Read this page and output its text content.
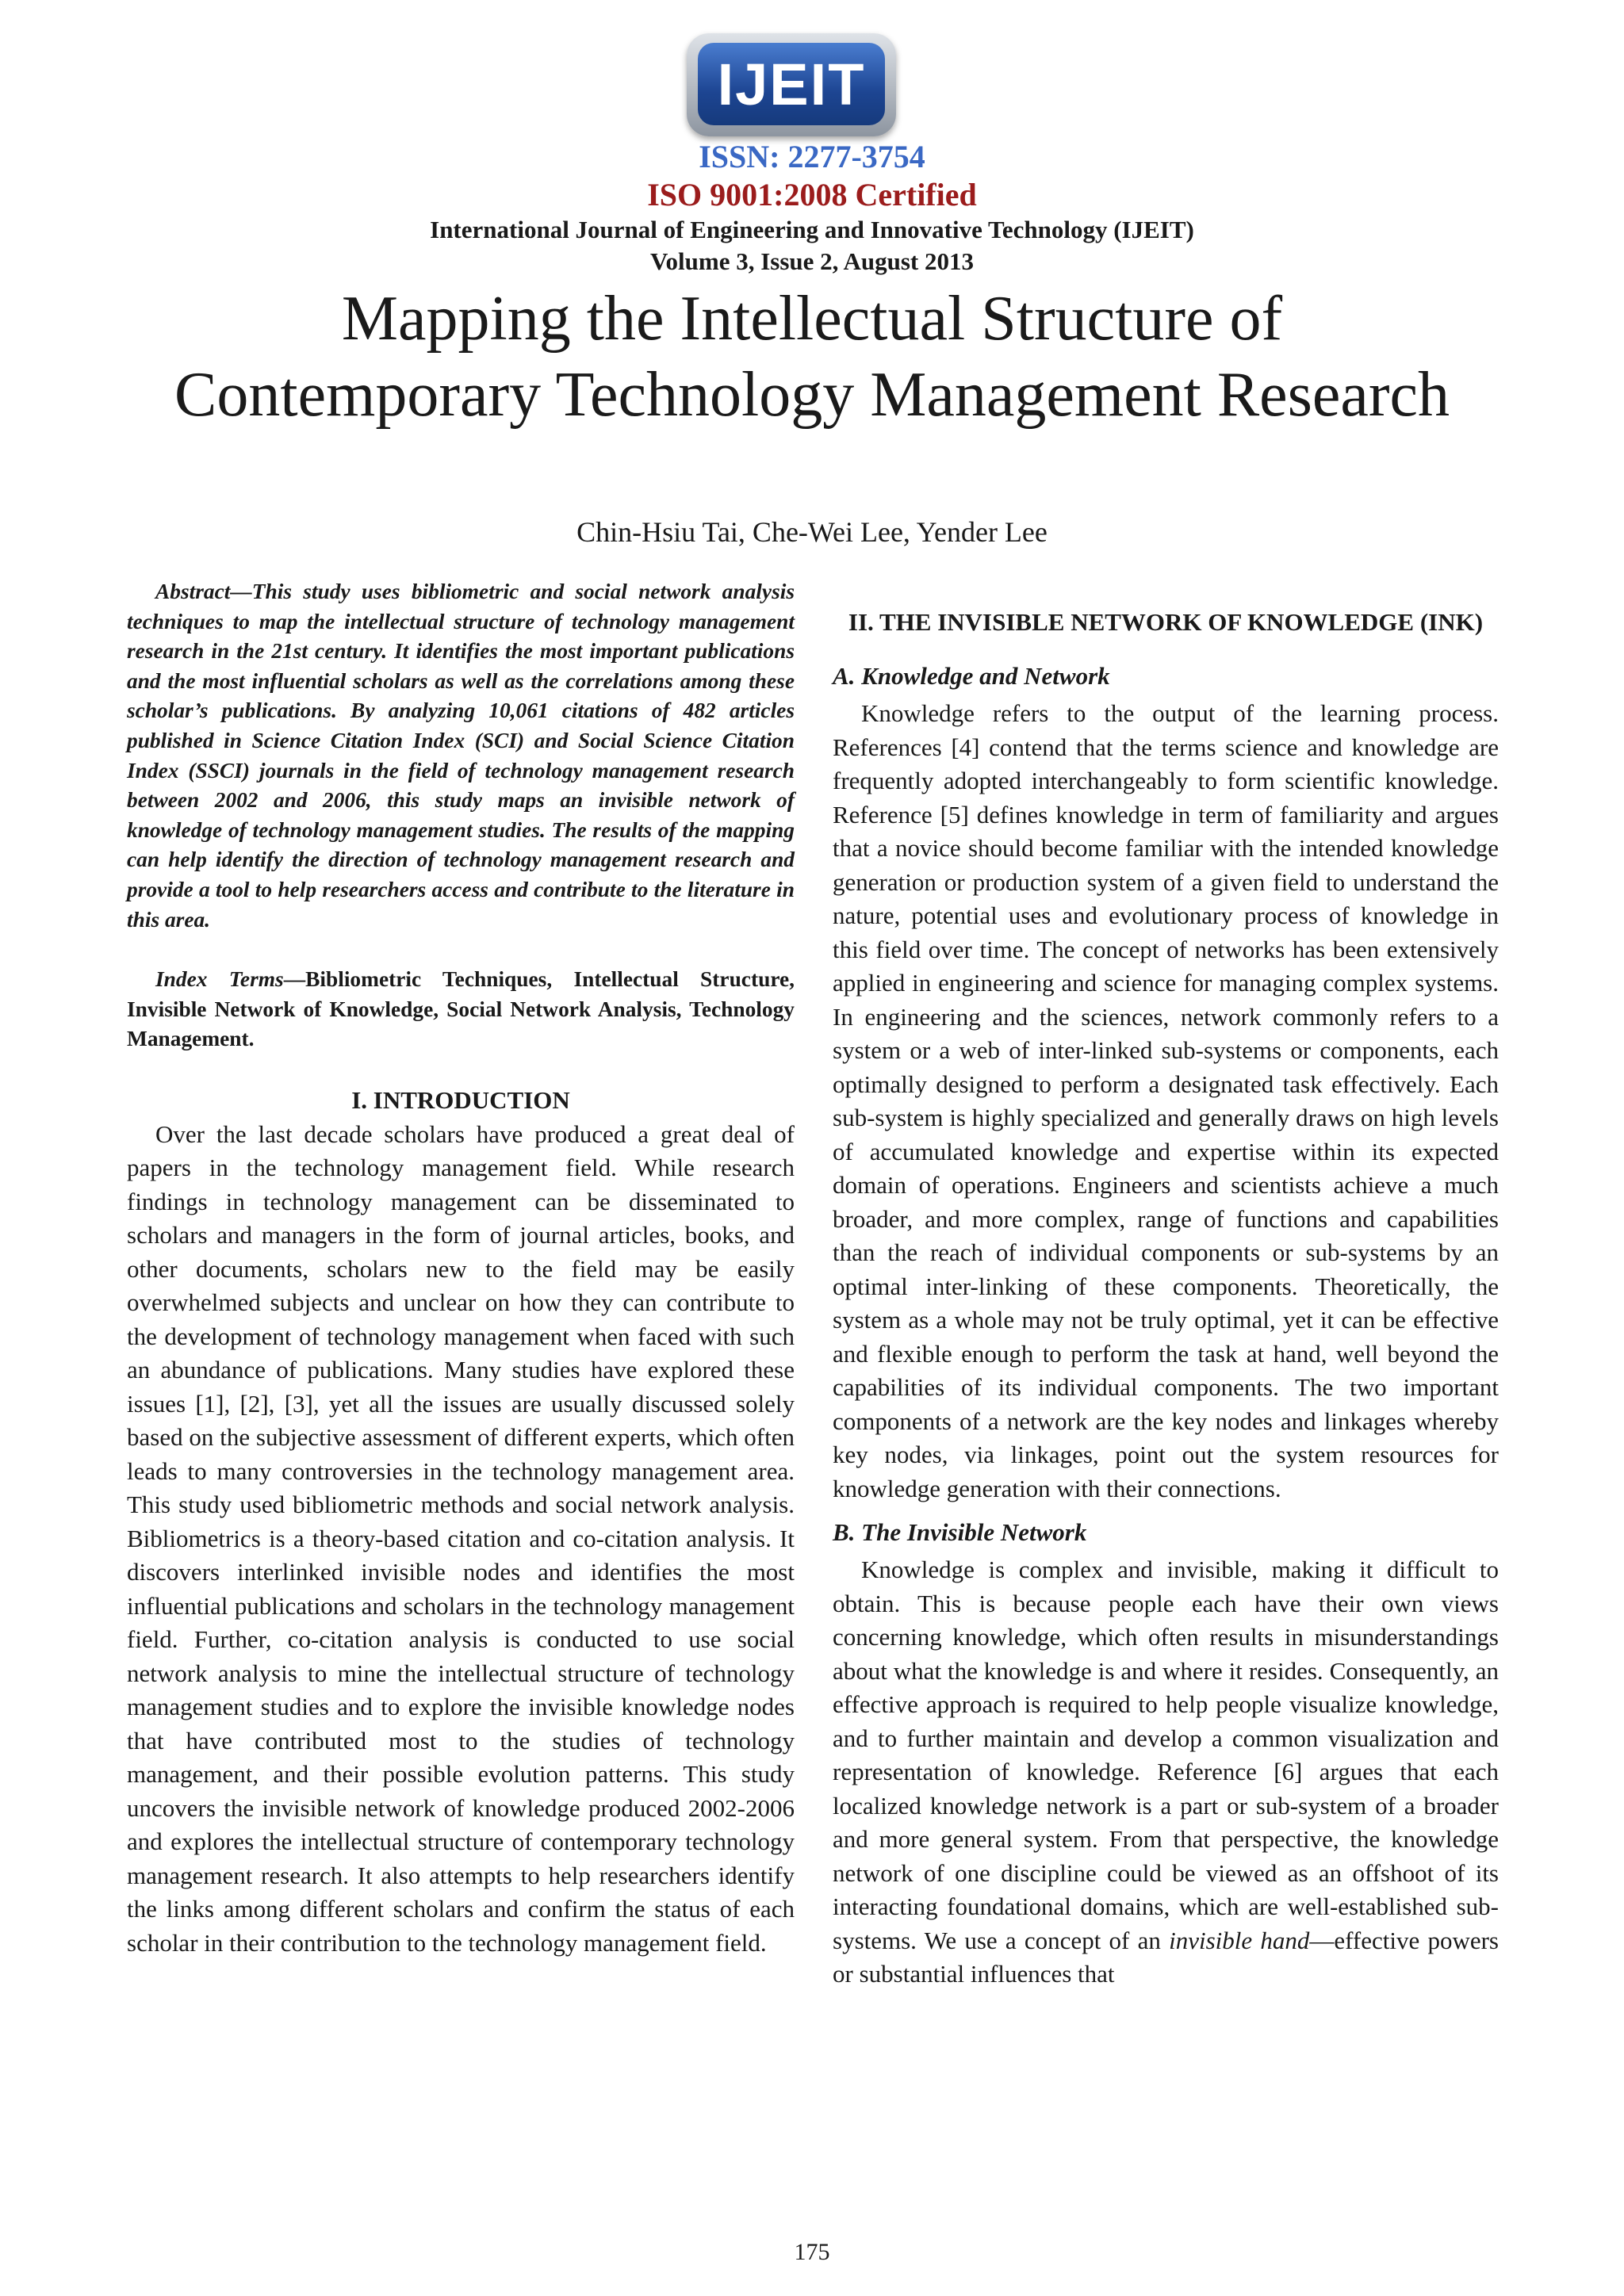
IJEIT
ISSN: 2277-3754
ISO 9001:2008 Certified
International Journal of Engineering and Innovative Technology (IJEIT)
Volume 3, Issue 2, August 2013
Mapping the Intellectual Structure of Contemporary Technology Management Research
Chin-Hsiu Tai, Che-Wei Lee, Yender Lee

Abstract—This study uses bibliometric and social network analysis techniques to map the intellectual structure of technology management research in the 21st century. It identifies the most important publications and the most influential scholars as well as the correlations among these scholar’s publications. By analyzing 10,061 citations of 482 articles published in Science Citation Index (SCI) and Social Science Citation Index (SSCI) journals in the field of technology management research between 2002 and 2006, this study maps an invisible network of knowledge of technology management studies. The results of the mapping can help identify the direction of technology management research and provide a tool to help researchers access and contribute to the literature in this area.

Index Terms—Bibliometric Techniques, Intellectual Structure, Invisible Network of Knowledge, Social Network Analysis, Technology Management.

I. INTRODUCTION

Over the last decade scholars have produced a great deal of papers in the technology management field. While research findings in technology management can be disseminated to scholars and managers in the form of journal articles, books, and other documents, scholars new to the field may be easily overwhelmed subjects and unclear on how they can contribute to the development of technology management when faced with such an abundance of publications. Many studies have explored these issues [1], [2], [3], yet all the issues are usually discussed solely based on the subjective assessment of different experts, which often leads to many controversies in the technology management area. This study used bibliometric methods and social network analysis. Bibliometrics is a theory-based citation and co-citation analysis. It discovers interlinked invisible nodes and identifies the most influential publications and scholars in the technology management field. Further, co-citation analysis is conducted to use social network analysis to mine the intellectual structure of technology management studies and to explore the invisible knowledge nodes that have contributed most to the studies of technology management, and their possible evolution patterns. This study uncovers the invisible network of knowledge produced 2002-2006 and explores the intellectual structure of contemporary technology management research. It also attempts to help researchers identify the links among different scholars and confirm the status of each scholar in their contribution to the technology management field.

II. THE INVISIBLE NETWORK OF KNOWLEDGE (INK)
A. Knowledge and Network

Knowledge refers to the output of the learning process. References [4] contend that the terms science and knowledge are frequently adopted interchangeably to form scientific knowledge. Reference [5] defines knowledge in term of familiarity and argues that a novice should become familiar with the intended knowledge generation or production system of a given field to understand the nature, potential uses and evolutionary process of knowledge in this field over time. The concept of networks has been extensively applied in engineering and science for managing complex systems. In engineering and the sciences, network commonly refers to a system or a web of inter-linked sub-systems or components, each optimally designed to perform a designated task effectively. Each sub-system is highly specialized and generally draws on high levels of accumulated knowledge and expertise within its expected domain of operations. Engineers and scientists achieve a much broader, and more complex, range of functions and capabilities than the reach of individual components or sub-systems by an optimal inter-linking of these components. Theoretically, the system as a whole may not be truly optimal, yet it can be effective and flexible enough to perform the task at hand, well beyond the capabilities of its individual components. The two important components of a network are the key nodes and linkages whereby key nodes, via linkages, point out the system resources for knowledge generation with their connections.

B. The Invisible Network

Knowledge is complex and invisible, making it difficult to obtain. This is because people each have their own views concerning knowledge, which often results in misunderstandings about what the knowledge is and where it resides. Consequently, an effective approach is required to help people visualize knowledge, and to further maintain and develop a common visualization and representation of knowledge. Reference [6] argues that each localized knowledge network is a part or sub-system of a broader and more general system. From that perspective, the knowledge network of one discipline could be viewed as an offshoot of its interacting foundational domains, which are well-established sub-systems. We use a concept of an invisible hand—effective powers or substantial influences that

175
